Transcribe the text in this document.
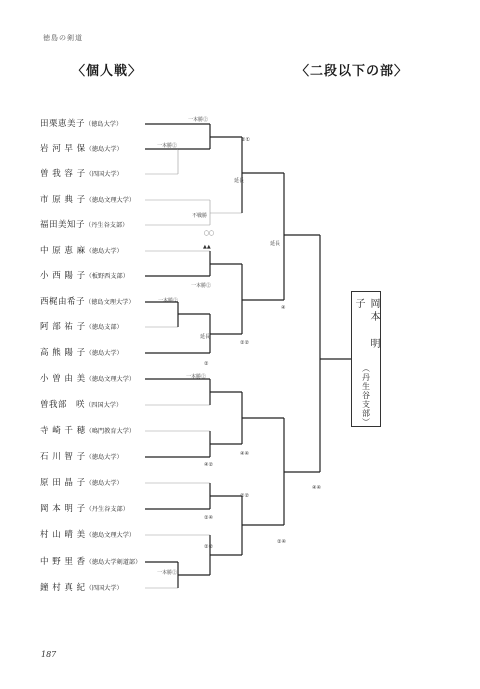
徳島の剣道
〈個人戦〉	〈二段以下の部〉
田栗恵美子（徳島大学）
岩 河 早 保（徳島大学）
曽 我 容 子（四国大学）
市 原 典 子（徳島文理大学）
福田美知子（丹生谷支部）
中 原 恵 麻（徳島大学）
小 西 陽 子（板野西支部）
西梶由希子（徳島文理大学）
阿 部 祐 子（徳島支部）
高 熊 陽 子（徳島大学）
小 曽 由 美（徳島文理大学）
曽我部　咲（四国大学）
寺 崎 千 穂（鳴門教育大学）
石 川 智 子（徳島大学）
原 田 晶 子（徳島大学）
岡 本 明 子（丹生谷支部）
村 山 晴 美（徳島文理大学）
中 野 里 香（徳島大学剣道部）
鐘 村 真 紀（四国大学）
一本勝②
一本勝②
②①
延長
不戦勝
〇〇
延長
▲▲
一本勝②
一本勝②
延長
②②
②
④
一本勝②
④④
④②
②②
②④
④④
②②
一本勝②
②④
岡本 明子
（丹生谷支部）
187
